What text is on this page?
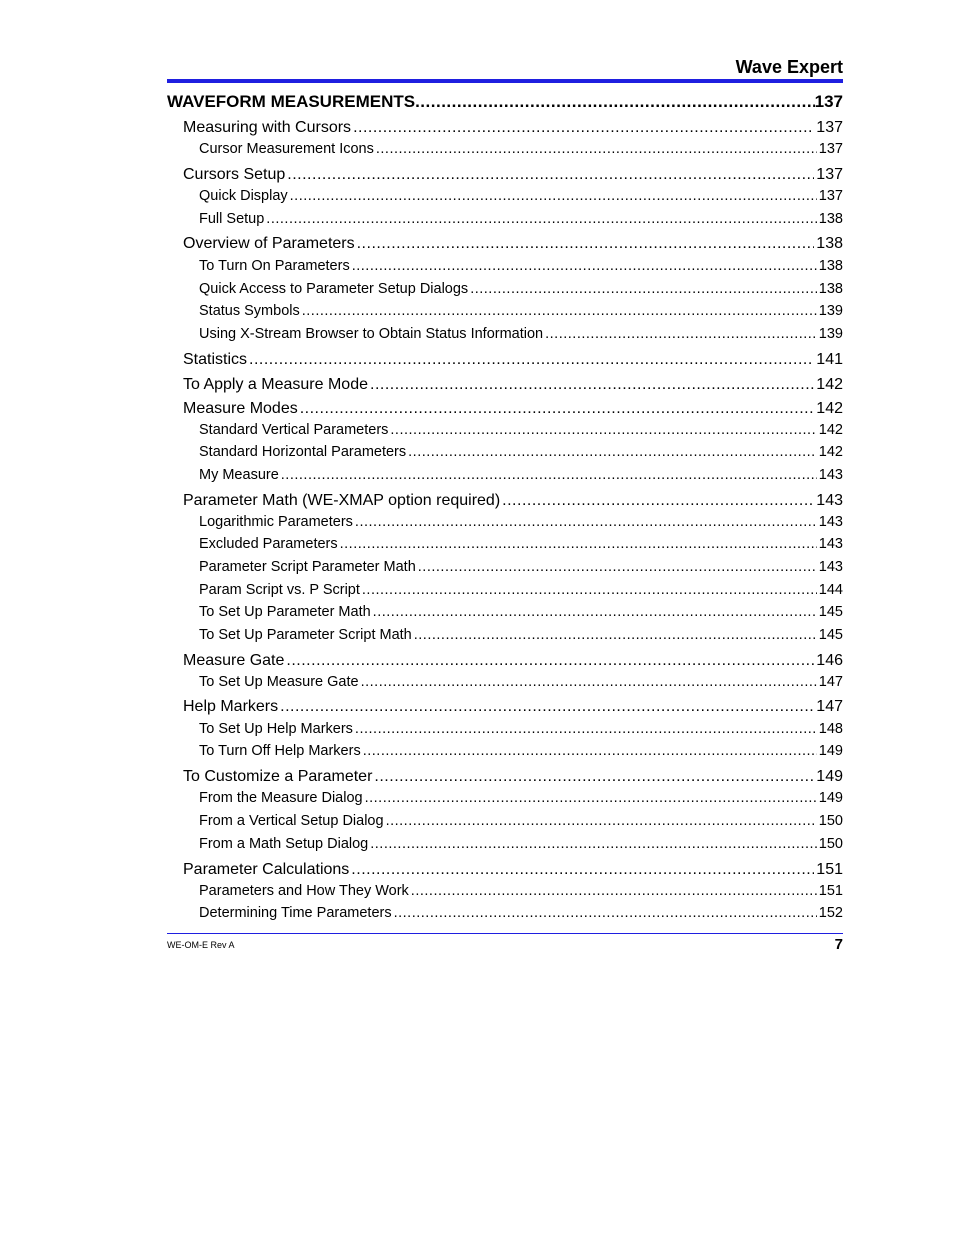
Wave Expert
WAVEFORM MEASUREMENTS .....	137
Measuring with Cursors .....	137
Cursor Measurement Icons .....	137
Cursors Setup .....	137
Quick Display .....	137
Full Setup .....	138
Overview of Parameters .....	138
To Turn On Parameters .....	138
Quick Access to Parameter Setup Dialogs .....	138
Status Symbols .....	139
Using X-Stream Browser to Obtain Status Information .....	139
Statistics .....	141
To Apply a Measure Mode .....	142
Measure Modes .....	142
Standard Vertical Parameters .....	142
Standard Horizontal Parameters .....	142
My Measure .....	143
Parameter Math (WE-XMAP option required) .....	143
Logarithmic Parameters .....	143
Excluded Parameters .....	143
Parameter Script Parameter Math .....	143
Param Script vs. P Script .....	144
To Set Up Parameter Math .....	145
To Set Up Parameter Script Math .....	145
Measure Gate .....	146
To Set Up Measure Gate .....	147
Help Markers .....	147
To Set Up Help Markers .....	148
To Turn Off Help Markers .....	149
To Customize a Parameter .....	149
From the Measure Dialog .....	149
From a Vertical Setup Dialog .....	150
From a Math Setup Dialog .....	150
Parameter Calculations .....	151
Parameters and How They Work .....	151
Determining Time Parameters .....	152
WE-OM-E Rev A	7
